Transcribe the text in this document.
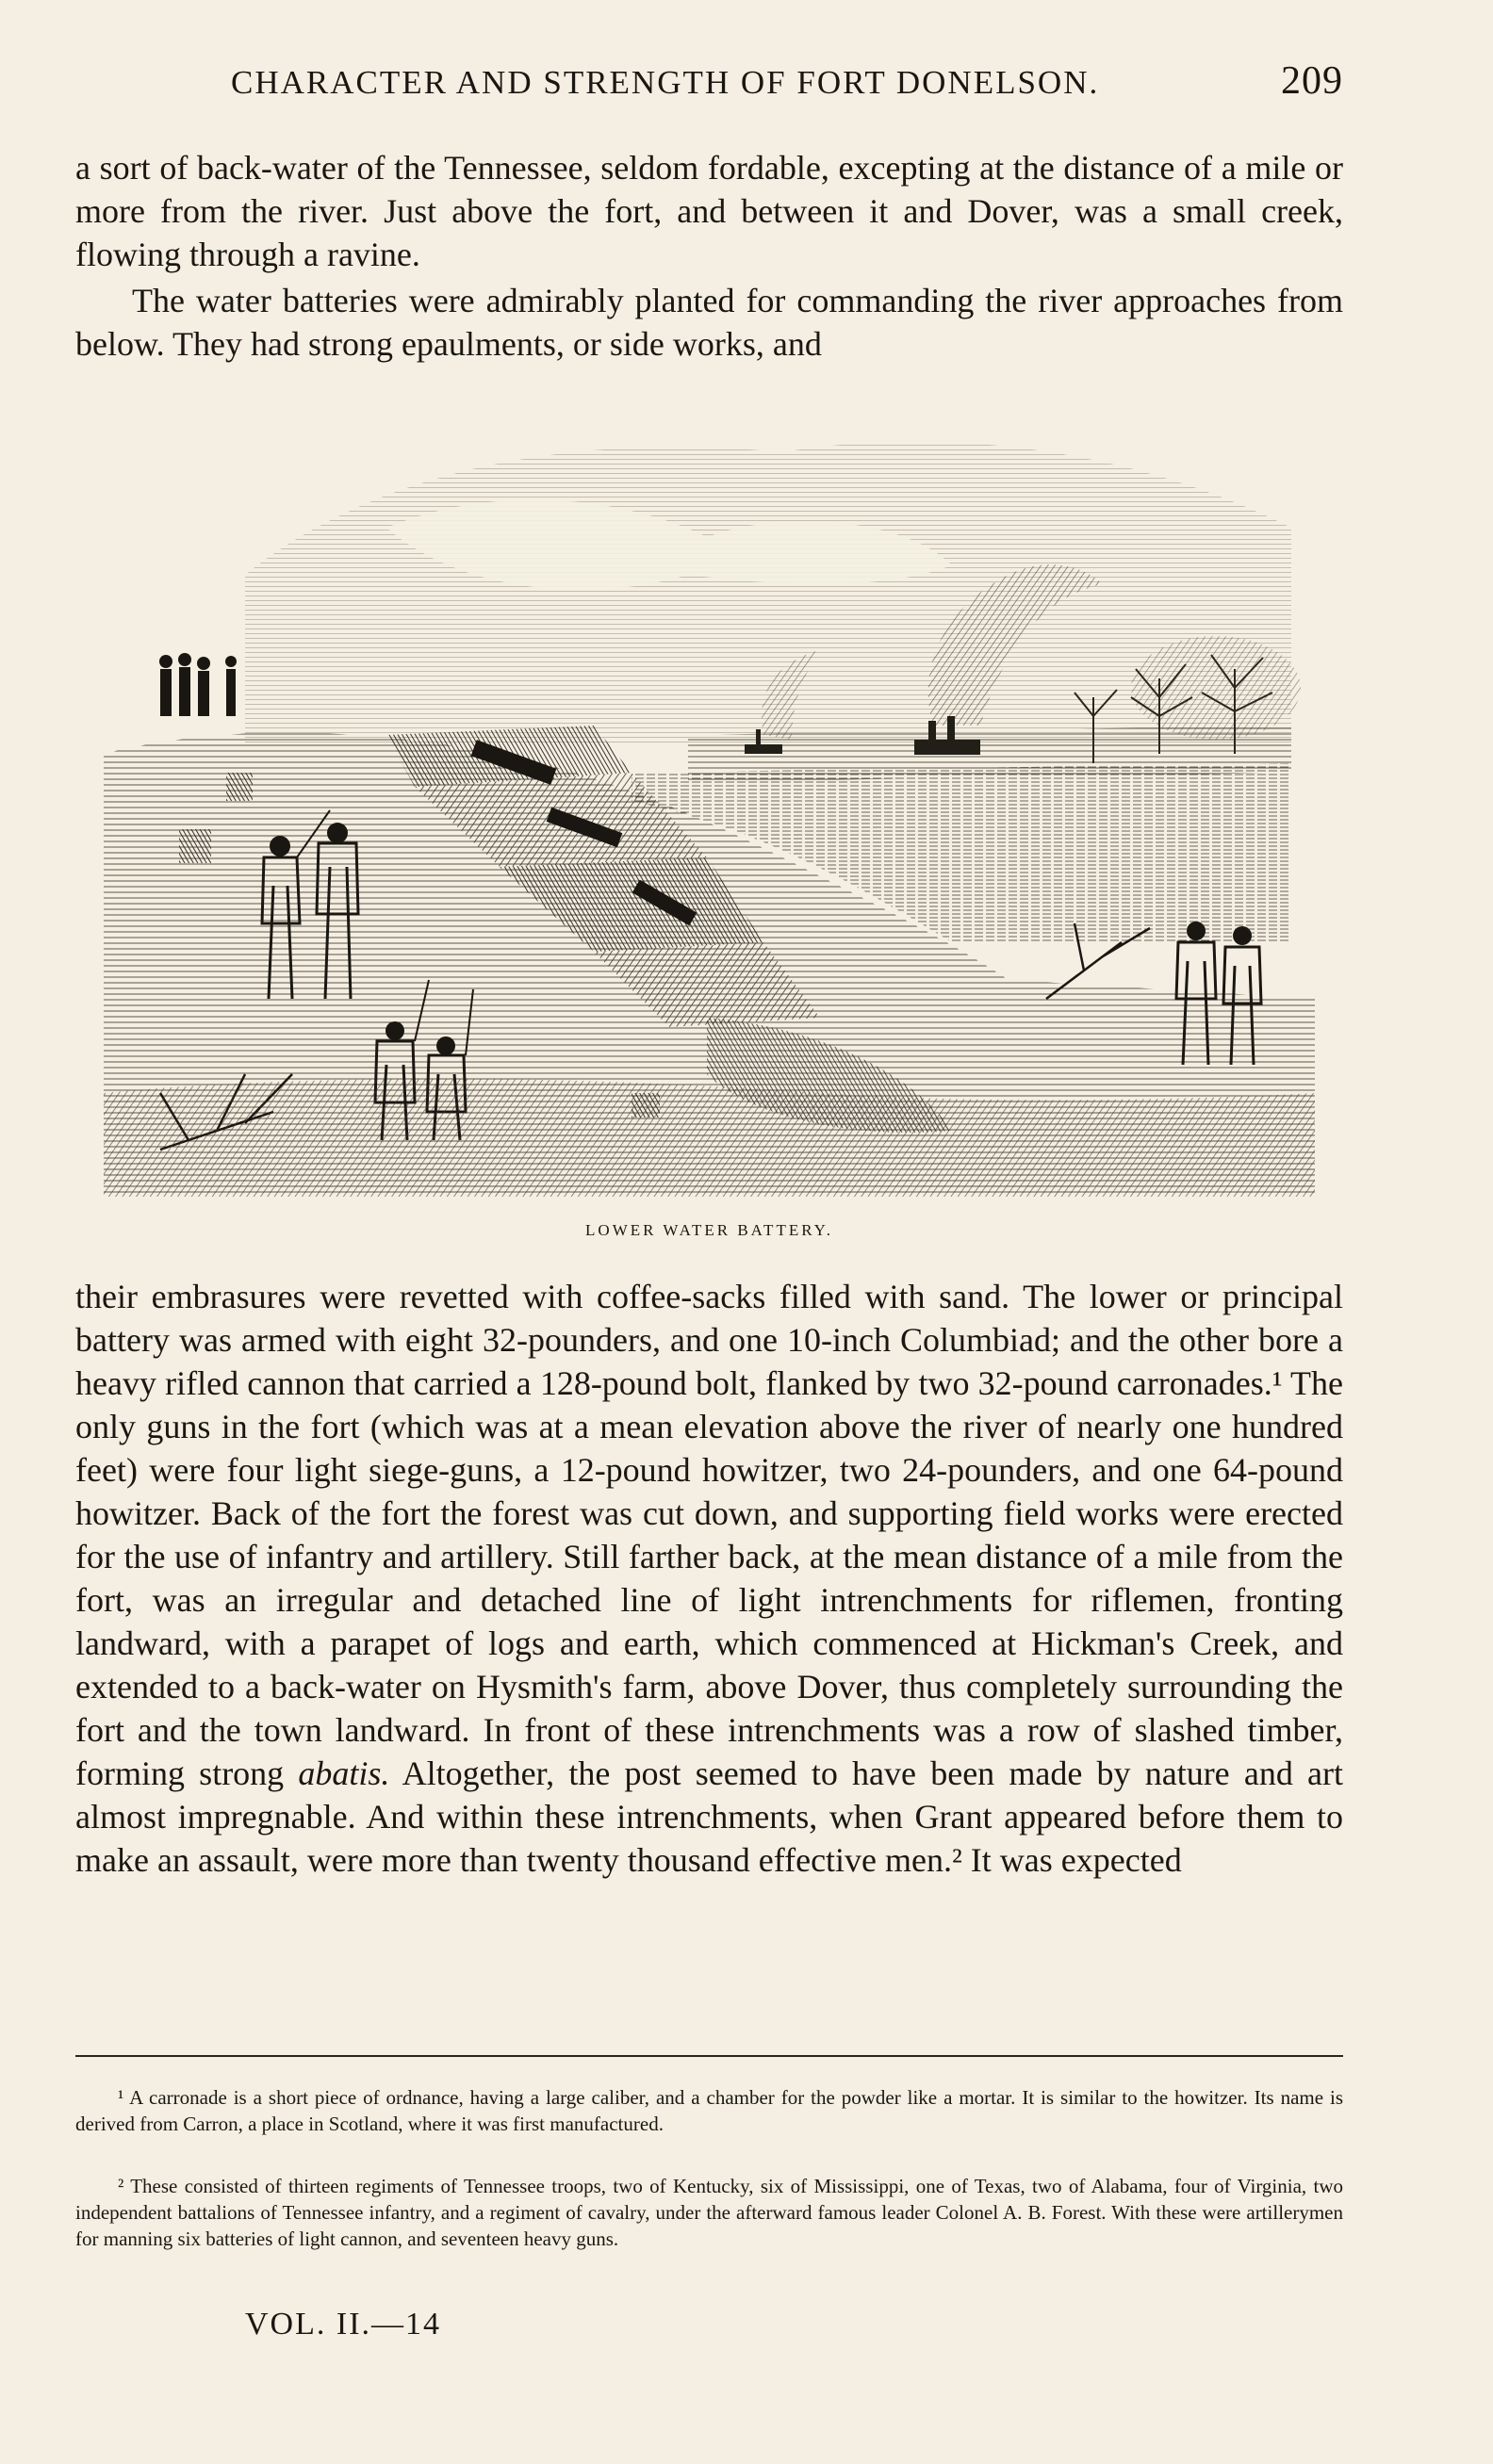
CHARACTER AND STRENGTH OF FORT DONELSON.	209

a sort of back-water of the Tennessee, seldom fordable, excepting at the distance of a mile or more from the river. Just above the fort, and between it and Dover, was a small creek, flowing through a ravine.

The water batteries were admirably planted for commanding the river approaches from below. They had strong epaulments, or side works, and

LOWER WATER BATTERY.

their embrasures were revetted with coffee-sacks filled with sand. The lower or principal battery was armed with eight 32-pounders, and one 10-inch Columbiad; and the other bore a heavy rifled cannon that carried a 128-pound bolt, flanked by two 32-pound carronades.¹ The only guns in the fort (which was at a mean elevation above the river of nearly one hundred feet) were four light siege-guns, a 12-pound howitzer, two 24-pounders, and one 64-pound howitzer. Back of the fort the forest was cut down, and supporting field works were erected for the use of infantry and artillery. Still farther back, at the mean distance of a mile from the fort, was an irregular and detached line of light intrenchments for riflemen, fronting landward, with a parapet of logs and earth, which commenced at Hickman's Creek, and extended to a back-water on Hysmith's farm, above Dover, thus completely surrounding the fort and the town landward. In front of these intrenchments was a row of slashed timber, forming strong abatis. Altogether, the post seemed to have been made by nature and art almost impregnable. And within these intrenchments, when Grant appeared before them to make an assault, were more than twenty thousand effective men.² It was expected

¹ A carronade is a short piece of ordnance, having a large caliber, and a chamber for the powder like a mortar. It is similar to the howitzer. Its name is derived from Carron, a place in Scotland, where it was first manufactured.

² These consisted of thirteen regiments of Tennessee troops, two of Kentucky, six of Mississippi, one of Texas, two of Alabama, four of Virginia, two independent battalions of Tennessee infantry, and a regiment of cavalry, under the afterward famous leader Colonel A. B. Forest. With these were artillerymen for manning six batteries of light cannon, and seventeen heavy guns.

VOL. II.—14
